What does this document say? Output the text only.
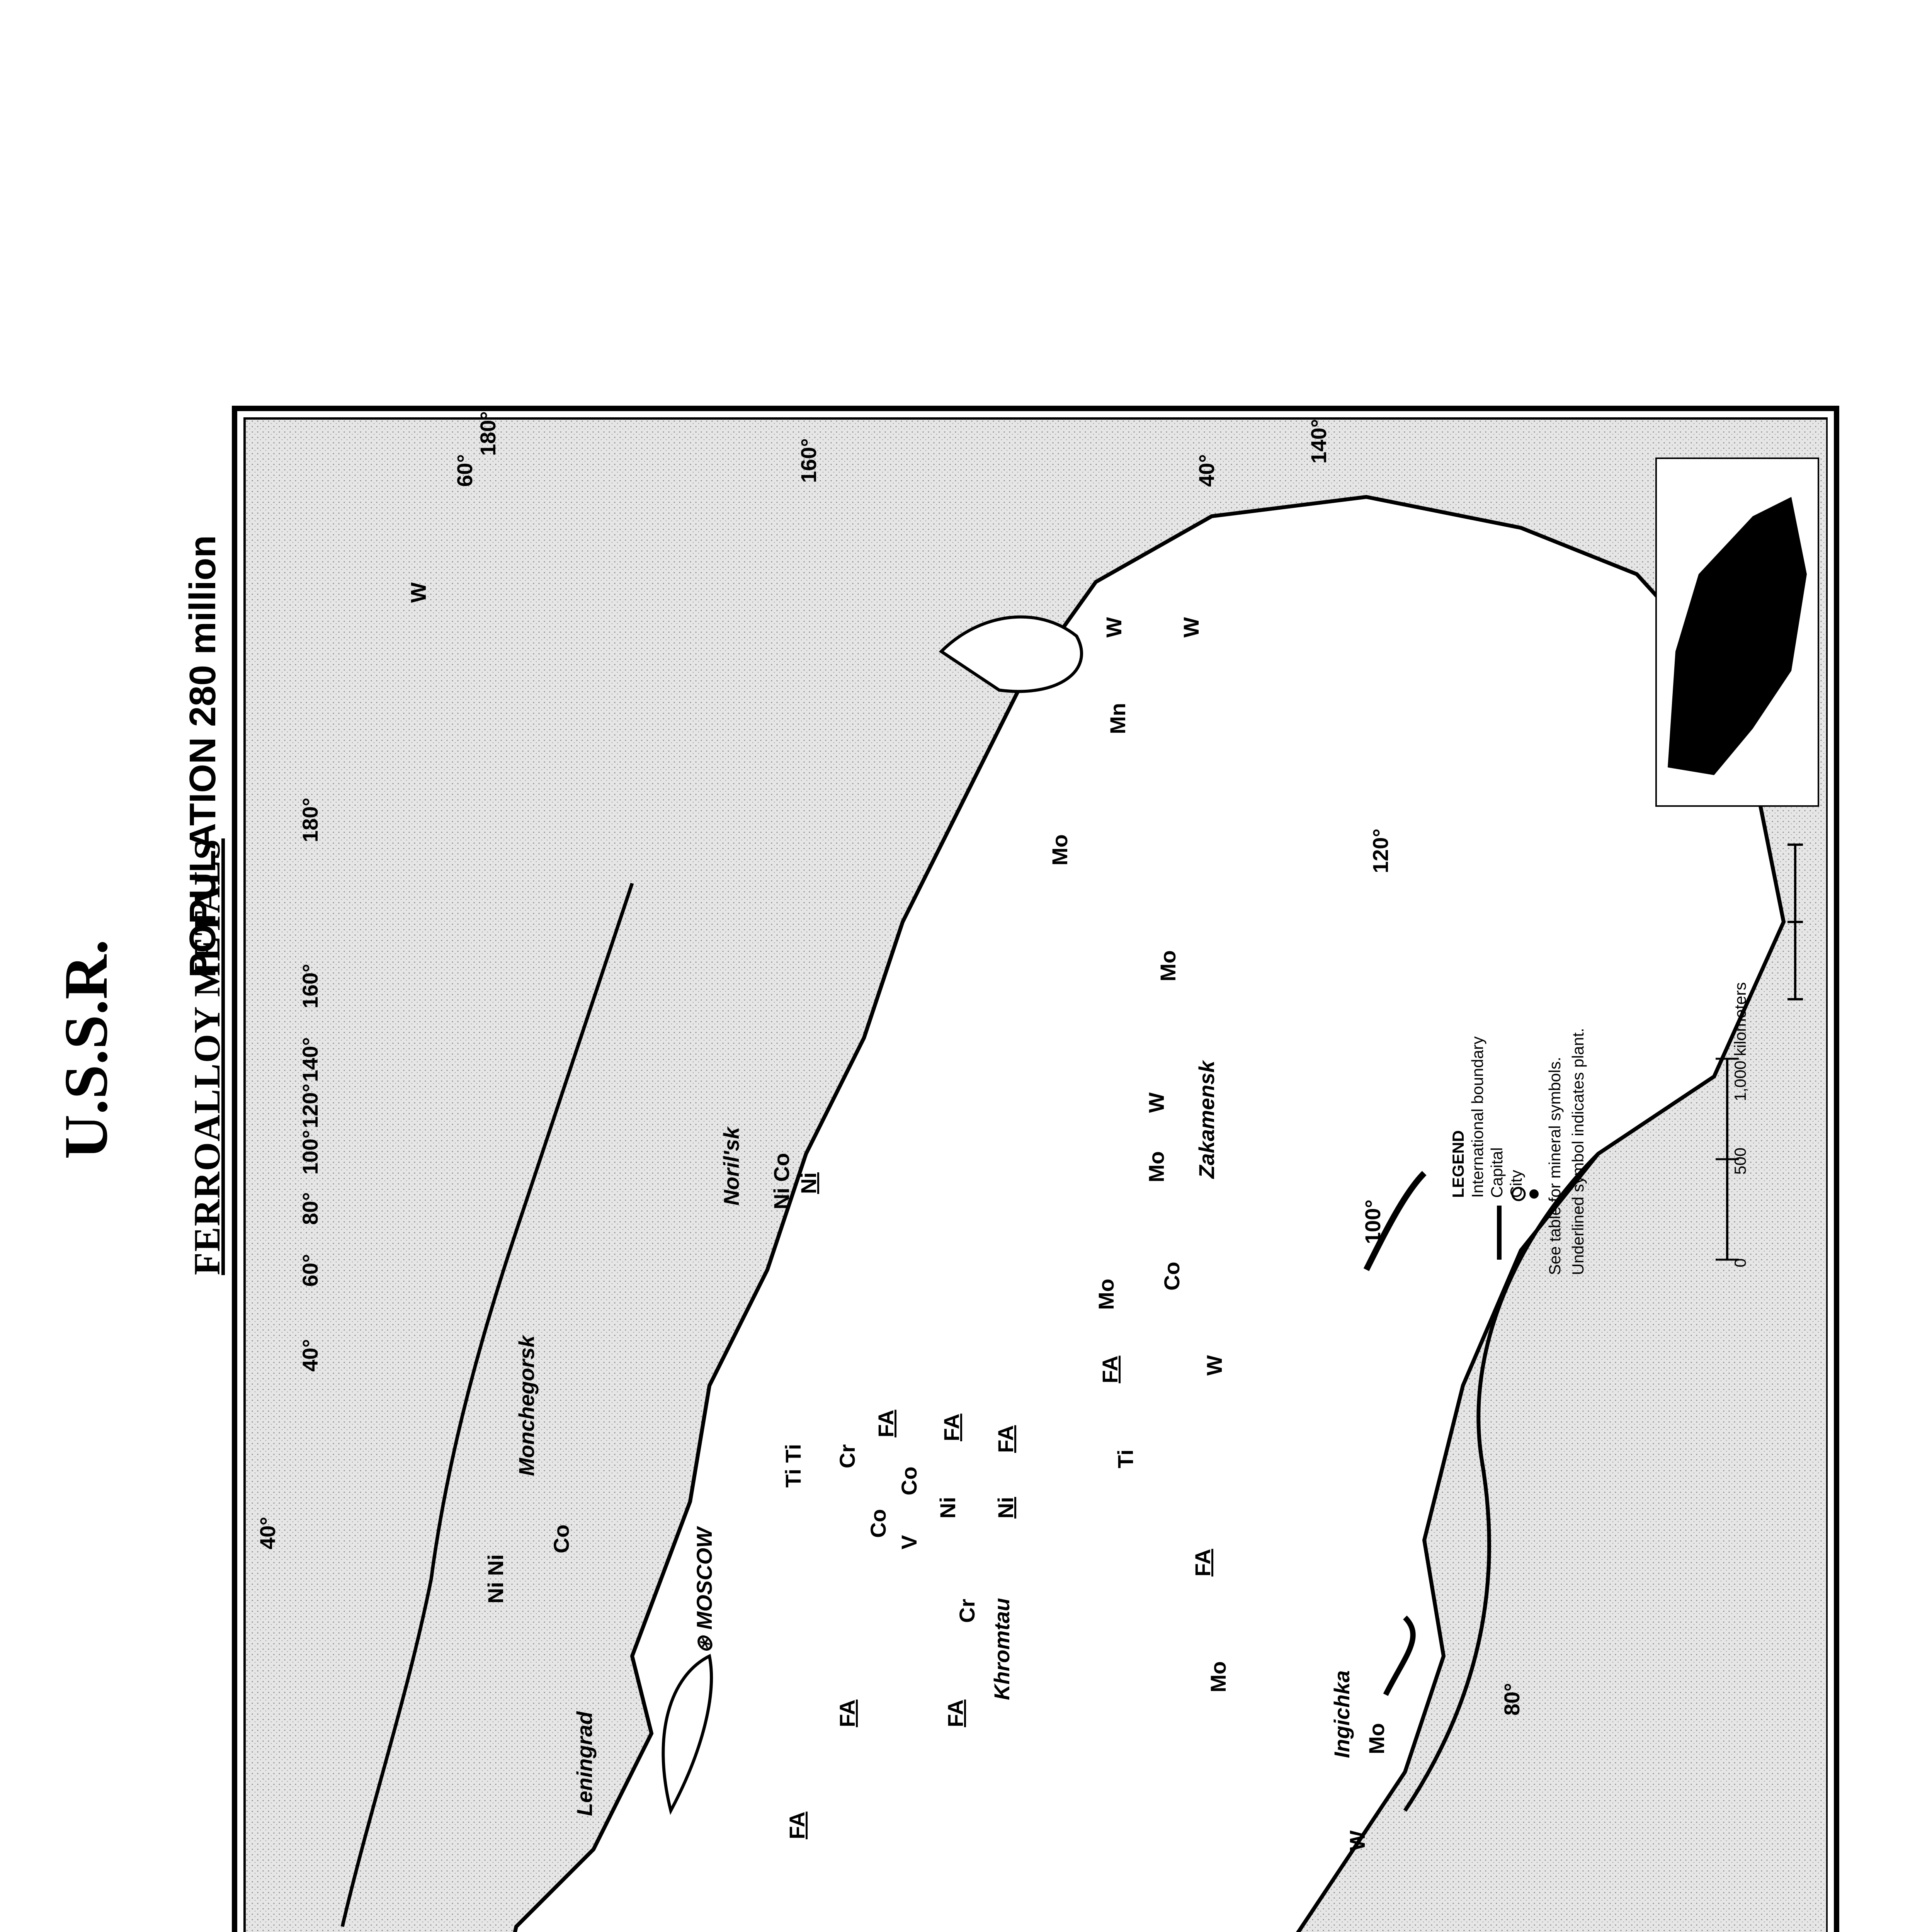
U.S.S.R. FERROALLOY METALS
POPULATION 280 million
⊛ MOSCOW
Leningrad
Monchegorsk
Noril'sk
Khromtau
Ingichka
Zakamensk
Ni Ni
Co
Ni Co Ni
Ti Ti Cr
Co
V
Co
Ni
FA FA FA
Ni
Cr
FA
FA
FA
Ti
FA
Mo
FA
Mo
W
Mo
W
Co
Mo
W
Mo
Mo
Mn
W W
W
40°
60°
80°
100°
120°
140°
160°
180°
160°
180°
60°
140°
40°
120°
100°
80°
40°
LEGEND International boundary Capital City See table for mineral symbols. Underlined symbol indicates plant.	0
500
1,000 kilometers
